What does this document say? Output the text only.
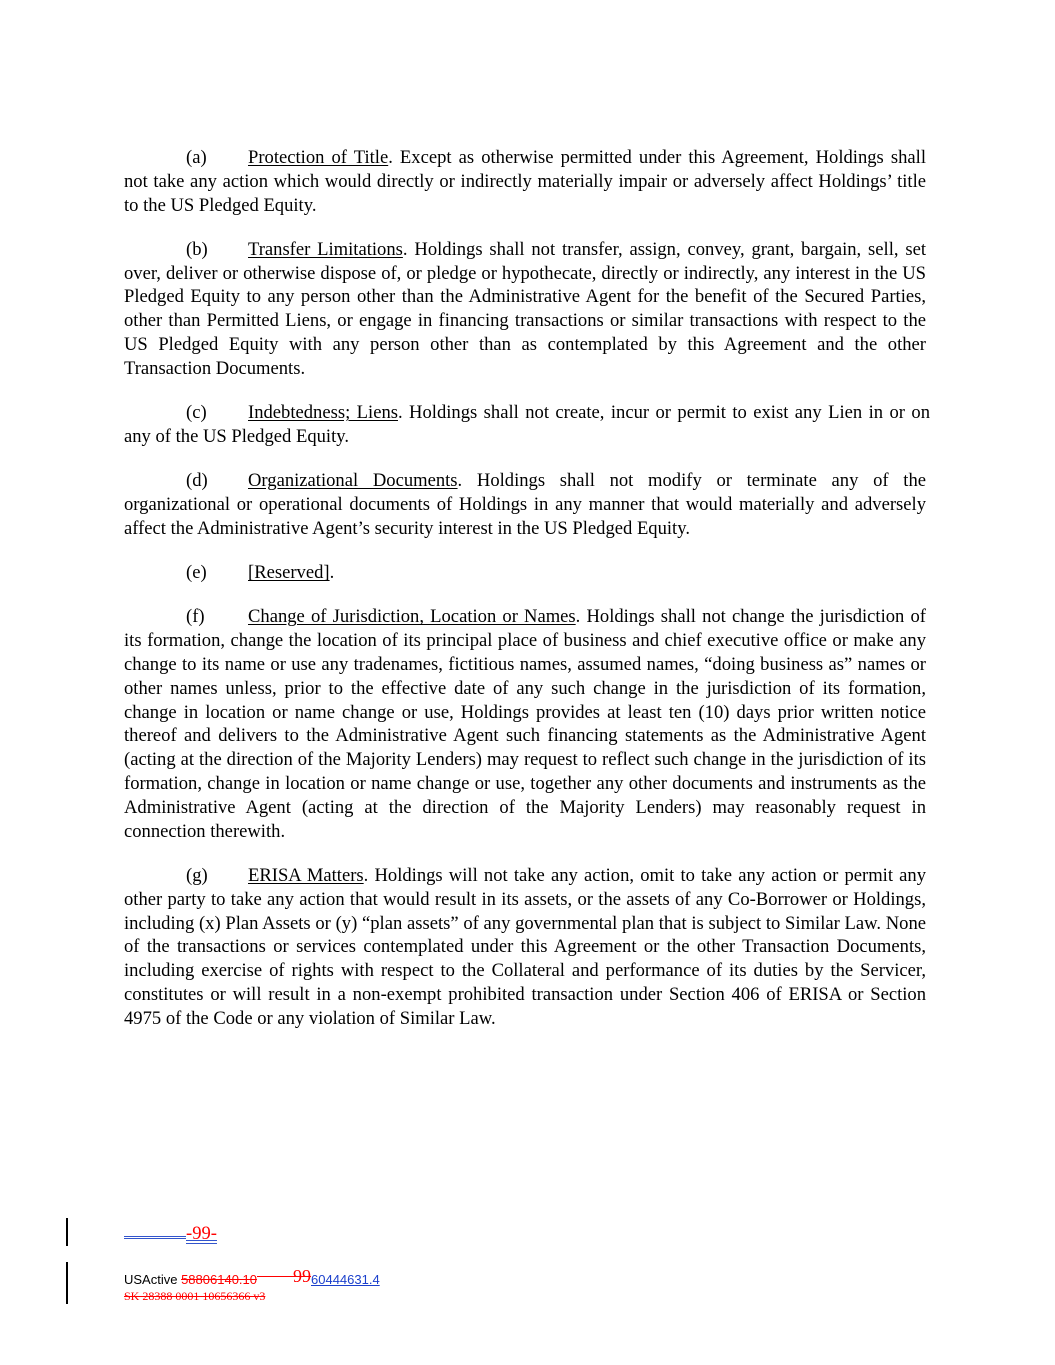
(a) Protection of Title. Except as otherwise permitted under this Agreement, Holdings shall not take any action which would directly or indirectly materially impair or adversely affect Holdings’ title to the US Pledged Equity.

(b) Transfer Limitations. Holdings shall not transfer, assign, convey, grant, bargain, sell, set over, deliver or otherwise dispose of, or pledge or hypothecate, directly or indirectly, any interest in the US Pledged Equity to any person other than the Administrative Agent for the benefit of the Secured Parties, other than Permitted Liens, or engage in financing transactions or similar transactions with respect to the US Pledged Equity with any person other than as contemplated by this Agreement and the other Transaction Documents.

(c) Indebtedness; Liens. Holdings shall not create, incur or permit to exist any Lien in or on any of the US Pledged Equity.

(d) Organizational Documents. Holdings shall not modify or terminate any of the organizational or operational documents of Holdings in any manner that would materially and adversely affect the Administrative Agent’s security interest in the US Pledged Equity.

(e) [Reserved].

(f) Change of Jurisdiction, Location or Names. Holdings shall not change the jurisdiction of its formation, change the location of its principal place of business and chief executive office or make any change to its name or use any tradenames, fictitious names, assumed names, “doing business as” names or other names unless, prior to the effective date of any such change in the jurisdiction of its formation, change in location or name change or use, Holdings provides at least ten (10) days prior written notice thereof and delivers to the Administrative Agent such financing statements as the Administrative Agent (acting at the direction of the Majority Lenders) may request to reflect such change in the jurisdiction of its formation, change in location or name change or use, together any other documents and instruments as the Administrative Agent (acting at the direction of the Majority Lenders) may reasonably request in connection therewith.

(g) ERISA Matters. Holdings will not take any action, omit to take any action or permit any other party to take any action that would result in its assets, or the assets of any Co-Borrower or Holdings, including (x) Plan Assets or (y) “plan assets” of any governmental plan that is subject to Similar Law. None of the transactions or services contemplated under this Agreement or the other Transaction Documents, including exercise of rights with respect to the Collateral and performance of its duties by the Servicer, constitutes or will result in a non-exempt prohibited transaction under Section 406 of ERISA or Section 4975 of the Code or any violation of Similar Law.

-99-
USActive 58806140.10   9960444631.4
SK 28388 0001 10656366 v3
